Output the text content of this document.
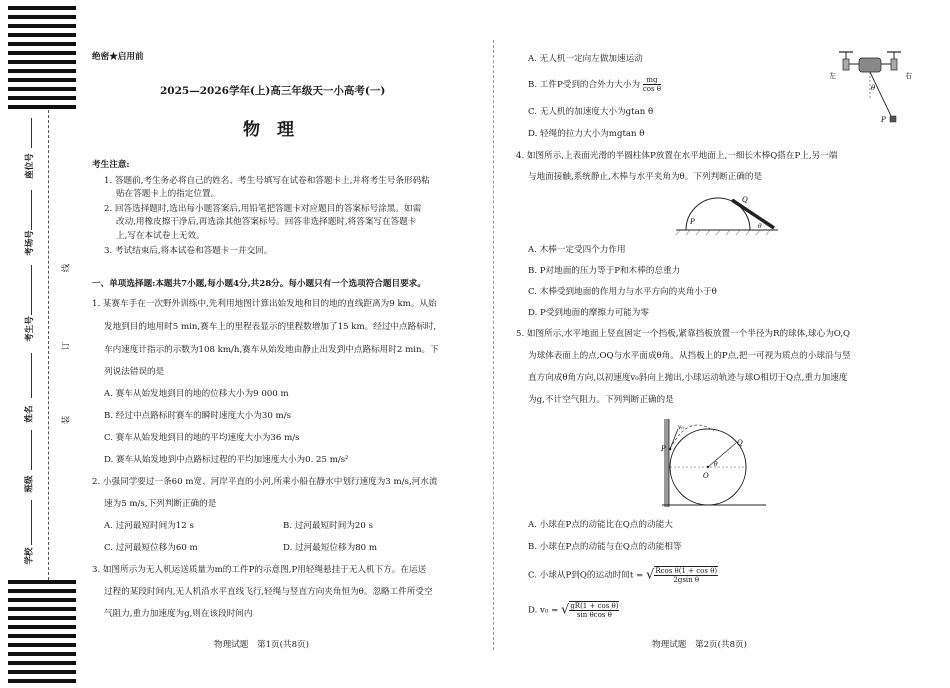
座位号
考场号
考生号
姓名
班级
学校
线
订
装
绝密★启用前
2025—2026学年(上)高三年级天一小高考(一)
物　理
考生注意:
1. 答题前,考生务必将自己的姓名、考生号填写在试卷和答题卡上,并将考生号条形码粘
贴在答题卡上的指定位置。
2. 回答选择题时,选出每小题答案后,用铅笔把答题卡对应题目的答案标号涂黑。如需
改动,用橡皮擦干净后,再选涂其他答案标号。回答非选择题时,将答案写在答题卡
上,写在本试卷上无效。
3. 考试结束后,将本试卷和答题卡一并交回。
一、单项选择题:本题共7小题,每小题4分,共28分。每小题只有一个选项符合题目要求。
1. 某赛车手在一次野外训练中,先利用地图计算出始发地和目的地的直线距离为9 km。从始
发地到目的地用时5 min,赛车上的里程表显示的里程数增加了15 km。经过中点路标时,
车内速度计指示的示数为108 km/h,赛车从始发地由静止出发到中点路标用时2 min。下
列说法错误的是
A. 赛车从始发地到目的地的位移大小为9 000 m
B. 经过中点路标时赛车的瞬时速度大小为30 m/s
C. 赛车从始发地到目的地的平均速度大小为36 m/s
D. 赛车从始发地到中点路标过程的平均加速度大小为0. 25 m/s²
2. 小强同学要过一条60 m宽、河岸平直的小河,所乘小船在静水中划行速度为3 m/s,河水流
速为5 m/s,下列判断正确的是
A. 过河最短时间为12 s	B. 过河最短时间为20 s
C. 过河最短位移为60 m	D. 过河最短位移为80 m
3. 如图所示为无人机运送质量为m的工件P的示意图,P用轻绳悬挂于无人机下方。在运送
过程的某段时间内,无人机沿水平直线飞行,轻绳与竖直方向夹角恒为θ。忽略工件所受空
气阻力,重力加速度为g,则在该段时间内
物理试题　第1页(共8页)
A. 无人机一定向左做加速运动
B. 工件P受到的合外力大小为 $\frac{mg}{\text{cos θ}}$
C. 无人机的加速度大小为gtan θ
D. 轻绳的拉力大小为mgtan θ
左	右
θ
P
4. 如图所示,上表面光滑的半圆柱体P放置在水平地面上,一细长木棒Q搭在P上,另一端
与地面接触,系统静止,木棒与水平夹角为θ。下列判断正确的是
P
Q
θ
A. 木棒一定受四个力作用
B. P对地面的压力等于P和木棒的总重力
C. 木棒受到地面的作用力与水平方向的夹角小于θ
D. P受到地面的摩擦力可能为零
5. 如图所示,水平地面上竖直固定一个挡板,紧靠挡板放置一个半径为R的球体,球心为O,Q
为球体表面上的点,OQ与水平面成θ角。从挡板上的P点,把一可视为质点的小球沿与竖
直方向成θ角方向,以初速度v₀斜向上抛出,小球运动轨迹与球O相切于Q点,重力加速度
为g,不计空气阻力。下列判断正确的是
P
Q
O
θ
v₀
A. 小球在P点的动能比在Q点的动能大
B. 小球在P点的动能与在Q点的动能相等
C. 小球从P到Q的运动时间t = √ $\frac{\text{Rcos θ(1 + cos θ)}}{\text{2gsin θ}}$
D. v₀ = √ $\frac{\text{gR(1 + cos θ)}}{\text{sin θcos θ}}$
物理试题　第2页(共8页)
